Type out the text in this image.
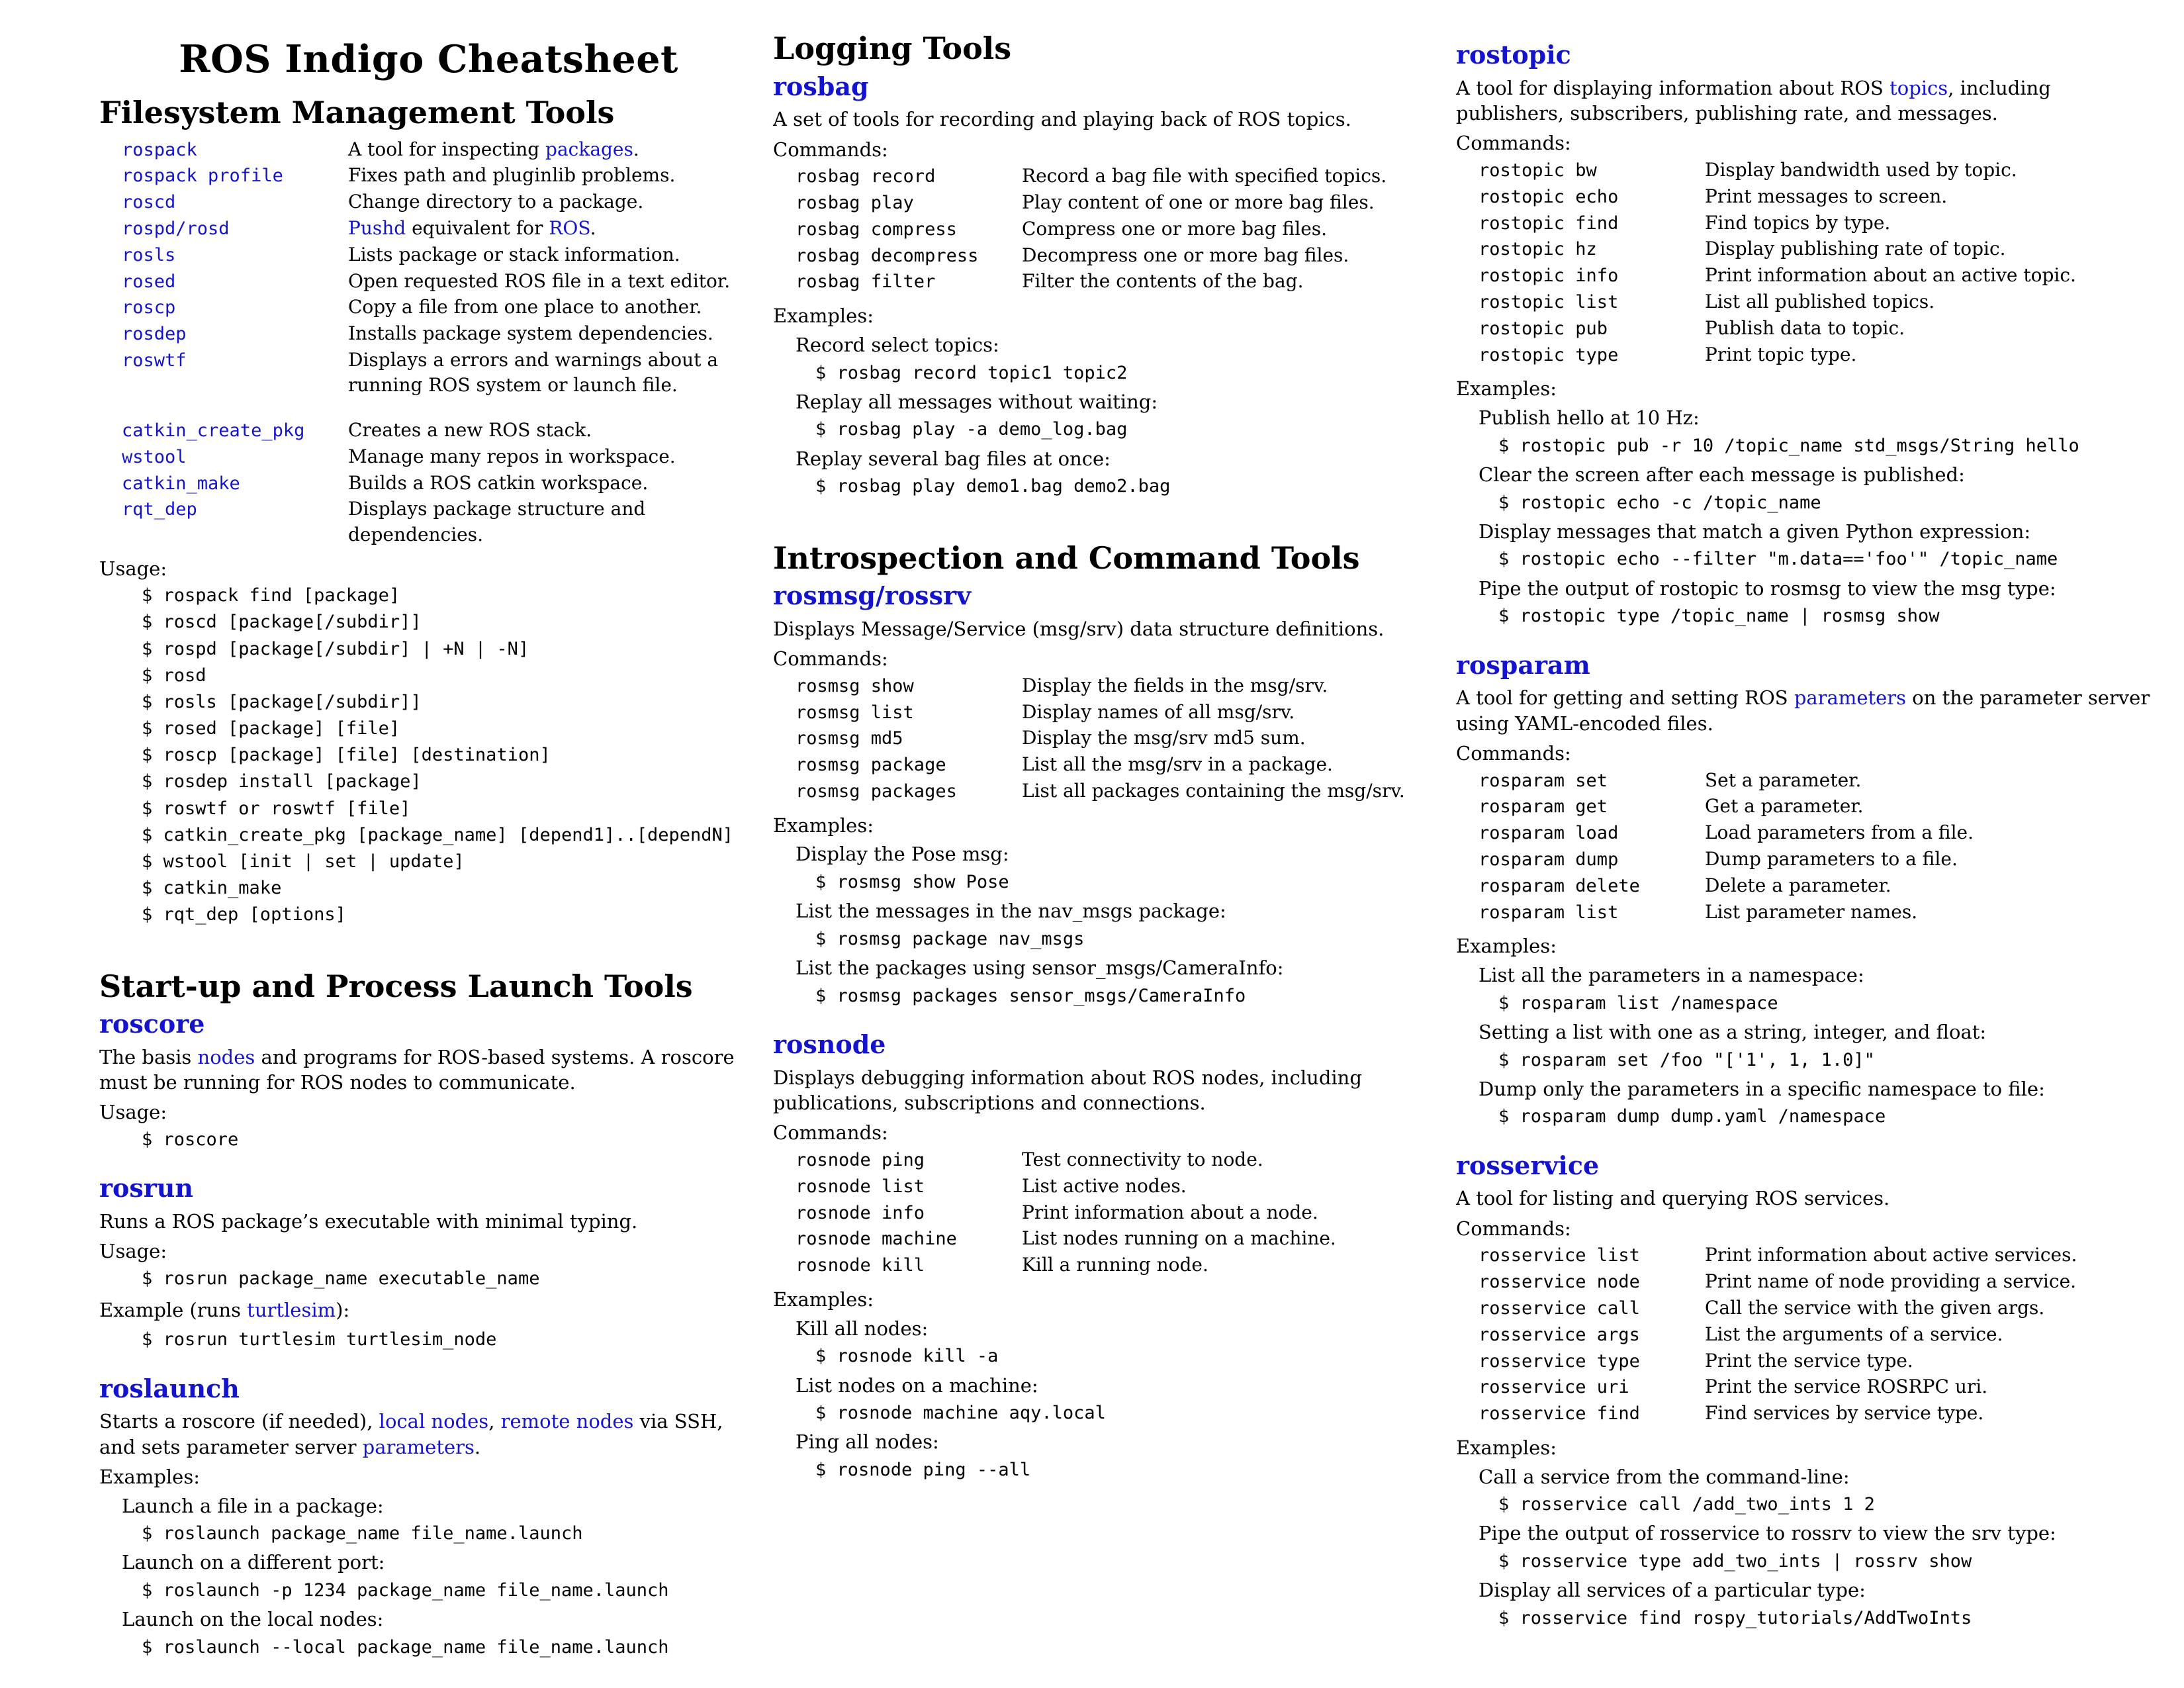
ROS Indigo Cheatsheet
Filesystem Management Tools
rospack	A tool for inspecting packages.
rospack profile	Fixes path and pluginlib problems.
roscd	Change directory to a package.
rospd/rosd	Pushd equivalent for ROS.
rosls	Lists package or stack information.
rosed	Open requested ROS file in a text editor.
roscp	Copy a file from one place to another.
rosdep	Installs package system dependencies.
roswtf	Displays a errors and warnings about a running ROS system or launch file.
catkin_create_pkg	Creates a new ROS stack.
wstool	Manage many repos in workspace.
catkin_make	Builds a ROS catkin workspace.
rqt_dep	Displays package structure and dependencies.
Usage:
$ rospack find [package]
$ roscd [package[/subdir]]
$ rospd [package[/subdir] | +N | -N]
$ rosd
$ rosls [package[/subdir]]
$ rosed [package] [file]
$ roscp [package] [file] [destination]
$ rosdep install [package]
$ roswtf or roswtf [file]
$ catkin_create_pkg [package_name] [depend1]..[dependN]
$ wstool [init | set | update]
$ catkin_make
$ rqt_dep [options]
Start-up and Process Launch Tools
roscore
The basis nodes and programs for ROS-based systems. A roscore must be running for ROS nodes to communicate.
Usage:
$ roscore
rosrun
Runs a ROS package’s executable with minimal typing.
Usage:
$ rosrun package_name executable_name
Example (runs turtlesim):
$ rosrun turtlesim turtlesim_node
roslaunch
Starts a roscore (if needed), local nodes, remote nodes via SSH, and sets parameter server parameters.
Examples:
Launch a file in a package:
$ roslaunch package_name file_name.launch
Launch on a different port:
$ roslaunch -p 1234 package_name file_name.launch
Launch on the local nodes:
$ roslaunch --local package_name file_name.launch
Logging Tools
rosbag
A set of tools for recording and playing back of ROS topics.
Commands:
rosbag record	Record a bag file with specified topics.
rosbag play	Play content of one or more bag files.
rosbag compress	Compress one or more bag files.
rosbag decompress	Decompress one or more bag files.
rosbag filter	Filter the contents of the bag.
Examples:
Record select topics:
$ rosbag record topic1 topic2
Replay all messages without waiting:
$ rosbag play -a demo_log.bag
Replay several bag files at once:
$ rosbag play demo1.bag demo2.bag
Introspection and Command Tools
rosmsg/rossrv
Displays Message/Service (msg/srv) data structure definitions.
Commands:
rosmsg show	Display the fields in the msg/srv.
rosmsg list	Display names of all msg/srv.
rosmsg md5	Display the msg/srv md5 sum.
rosmsg package	List all the msg/srv in a package.
rosmsg packages	List all packages containing the msg/srv.
Examples:
Display the Pose msg:
$ rosmsg show Pose
List the messages in the nav_msgs package:
$ rosmsg package nav_msgs
List the packages using sensor_msgs/CameraInfo:
$ rosmsg packages sensor_msgs/CameraInfo
rosnode
Displays debugging information about ROS nodes, including publications, subscriptions and connections.
Commands:
rosnode ping	Test connectivity to node.
rosnode list	List active nodes.
rosnode info	Print information about a node.
rosnode machine	List nodes running on a machine.
rosnode kill	Kill a running node.
Examples:
Kill all nodes:
$ rosnode kill -a
List nodes on a machine:
$ rosnode machine aqy.local
Ping all nodes:
$ rosnode ping --all
rostopic
A tool for displaying information about ROS topics, including publishers, subscribers, publishing rate, and messages.
Commands:
rostopic bw	Display bandwidth used by topic.
rostopic echo	Print messages to screen.
rostopic find	Find topics by type.
rostopic hz	Display publishing rate of topic.
rostopic info	Print information about an active topic.
rostopic list	List all published topics.
rostopic pub	Publish data to topic.
rostopic type	Print topic type.
Examples:
Publish hello at 10 Hz:
$ rostopic pub -r 10 /topic_name std_msgs/String hello
Clear the screen after each message is published:
$ rostopic echo -c /topic_name
Display messages that match a given Python expression:
$ rostopic echo --filter "m.data=='foo'" /topic_name
Pipe the output of rostopic to rosmsg to view the msg type:
$ rostopic type /topic_name | rosmsg show
rosparam
A tool for getting and setting ROS parameters on the parameter server using YAML-encoded files.
Commands:
rosparam set	Set a parameter.
rosparam get	Get a parameter.
rosparam load	Load parameters from a file.
rosparam dump	Dump parameters to a file.
rosparam delete	Delete a parameter.
rosparam list	List parameter names.
Examples:
List all the parameters in a namespace:
$ rosparam list /namespace
Setting a list with one as a string, integer, and float:
$ rosparam set /foo "['1', 1, 1.0]"
Dump only the parameters in a specific namespace to file:
$ rosparam dump dump.yaml /namespace
rosservice
A tool for listing and querying ROS services.
Commands:
rosservice list	Print information about active services.
rosservice node	Print name of node providing a service.
rosservice call	Call the service with the given args.
rosservice args	List the arguments of a service.
rosservice type	Print the service type.
rosservice uri	Print the service ROSRPC uri.
rosservice find	Find services by service type.
Examples:
Call a service from the command-line:
$ rosservice call /add_two_ints 1 2
Pipe the output of rosservice to rossrv to view the srv type:
$ rosservice type add_two_ints | rossrv show
Display all services of a particular type:
$ rosservice find rospy_tutorials/AddTwoInts
